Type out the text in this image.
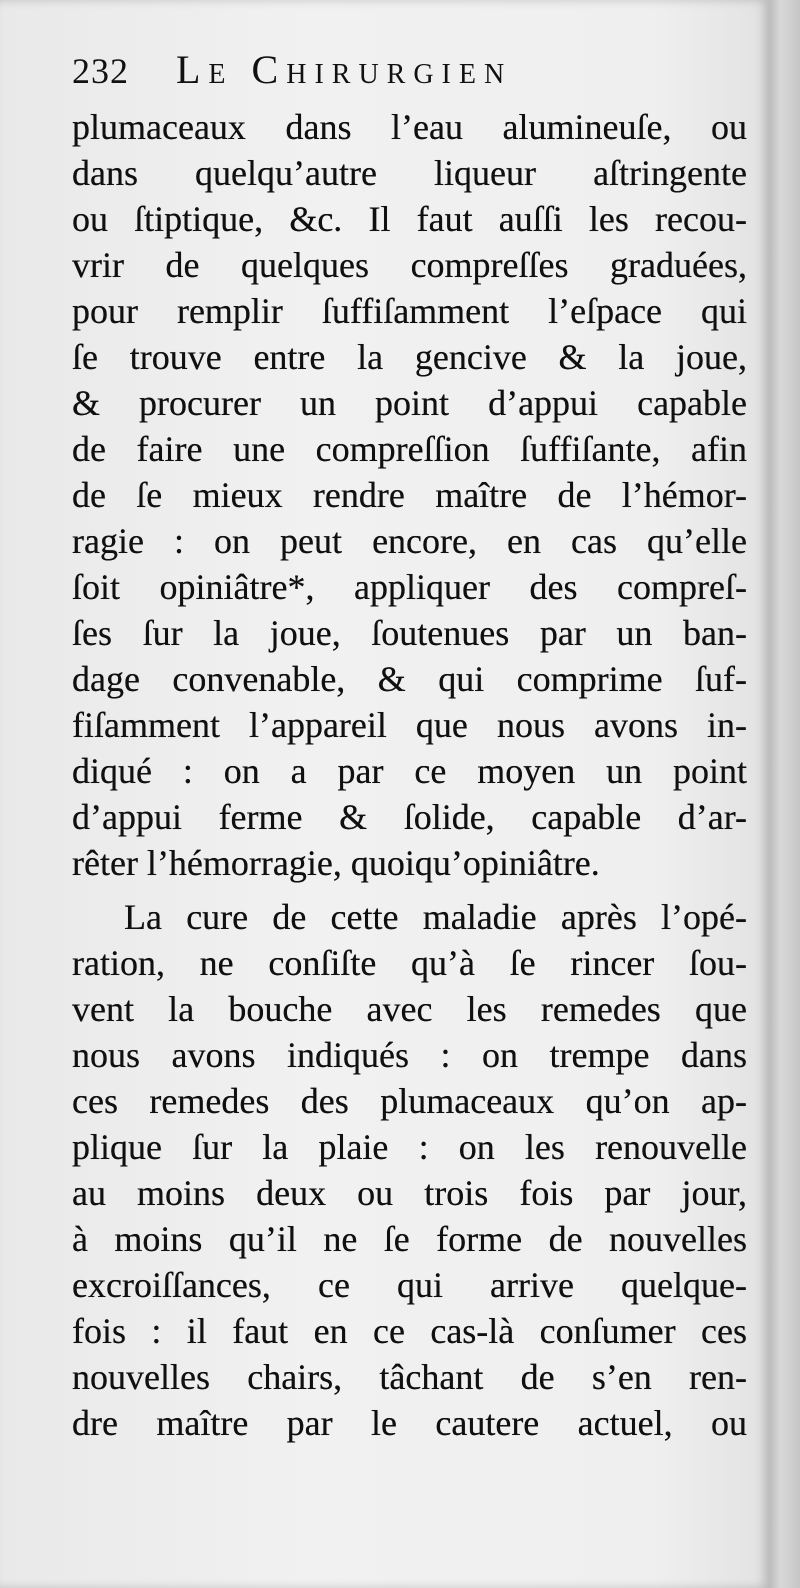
232 Le Chirurgien
plumaceaux dans l’eau alumineuſe, ou
dans quelqu’autre liqueur aſtringente
ou ſtiptique, &c. Il faut auſſi les recou-
vrir de quelques compreſſes graduées,
pour remplir ſuffiſamment l’eſpace qui
ſe trouve entre la gencive & la joue,
& procurer un point d’appui capable
de faire une compreſſion ſuffiſante, afin
de ſe mieux rendre maître de l’hémor-
ragie : on peut encore, en cas qu’elle
ſoit opiniâtre*, appliquer des compreſ-
ſes ſur la joue, ſoutenues par un ban-
dage convenable, & qui comprime ſuf-
fiſamment l’appareil que nous avons in-
diqué : on a par ce moyen un point
d’appui ferme & ſolide, capable d’ar-
rêter l’hémorragie, quoiqu’opiniâtre.
La cure de cette maladie après l’opé-
ration, ne conſiſte qu’à ſe rincer ſou-
vent la bouche avec les remedes que
nous avons indiqués : on trempe dans
ces remedes des plumaceaux qu’on ap-
plique ſur la plaie : on les renouvelle
au moins deux ou trois fois par jour,
à moins qu’il ne ſe forme de nouvelles
excroiſſances, ce qui arrive quelque-
fois : il faut en ce cas-là conſumer ces
nouvelles chairs, tâchant de s’en ren-
dre maître par le cautere actuel, ou
